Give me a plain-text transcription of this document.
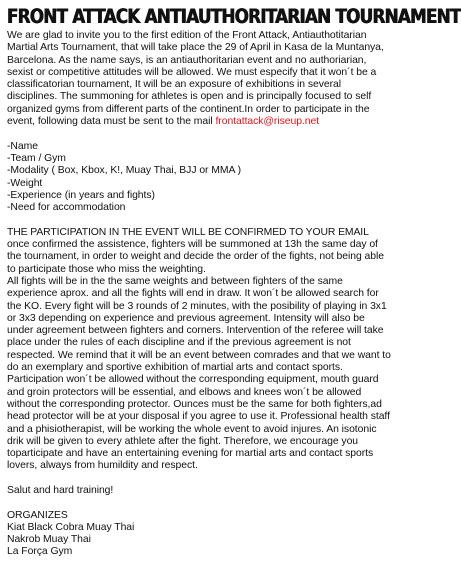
FRONT ATTACK ANTIAUTHORITARIAN TOURNAMENT

We are glad to invite you to the first edition of the Front Attack, Antiauthotitarian Martial Arts Tournament, that will take place the 29 of April in Kasa de la Muntanya, Barcelona. As the name says, is an antiauthoritarian event and no authoriarian, sexist or competitive attitudes will be allowed. We must especify that it won´t be a classificatorian tournament, It will be an exposure of exhibitions in several disciplines. The summoning for athletes is open and is principally focused to self organized gyms from different parts of the continent.In order to participate in the event, following data must be sent to the mail frontattack@riseup.net

-Name
-Team / Gym
-Modality ( Box, Kbox, K!, Muay Thai, BJJ or MMA )
-Weight
-Experience (in years and fights)
-Need for accommodation

THE PARTICIPATION IN THE EVENT WILL BE CONFIRMED TO YOUR EMAIL

once confirmed the assistence, fighters will be summoned at 13h the same day of the tournament, in order to weight and decide the order of the fights, not being able to participate those who miss the weighting.

All fights will be in the the same weights and between fighters of the same experience aprox. and all the fights will end in draw. It won´t be allowed search for the KO. Every fight will be 3 rounds of 2 minutes, with the posibility of playing in 3x1 or 3x3 depending on experience and previous agreement. Intensity will also be under agreement between fighters and corners. Intervention of the referee will take place under the rules of each discipline and if the previous agreement is not respected. We remind that it will be an event between comrades and that we want to do an exemplary and sportive exhibition of martial arts and contact sports. Participation won´t be allowed without the corresponding equipment, mouth guard and groin protectors will be essential, and elbows and knees won´t be allowed without the corresponding protector. Ounces must be the same for both fighters,ad head protector will be at your disposal if you agree to use it. Professional health staff and a phisiotherapist, will be working the whole event to avoid injures. An isotonic drik will be given to every athlete after the fight. Therefore, we encourage you toparticipate and have an entertaining evening for martial arts and contact sports lovers, always from humildity and respect.

Salut and hard training!

ORGANIZES

Kiat Black Cobra Muay Thai
Nakrob Muay Thai
La Força Gym
